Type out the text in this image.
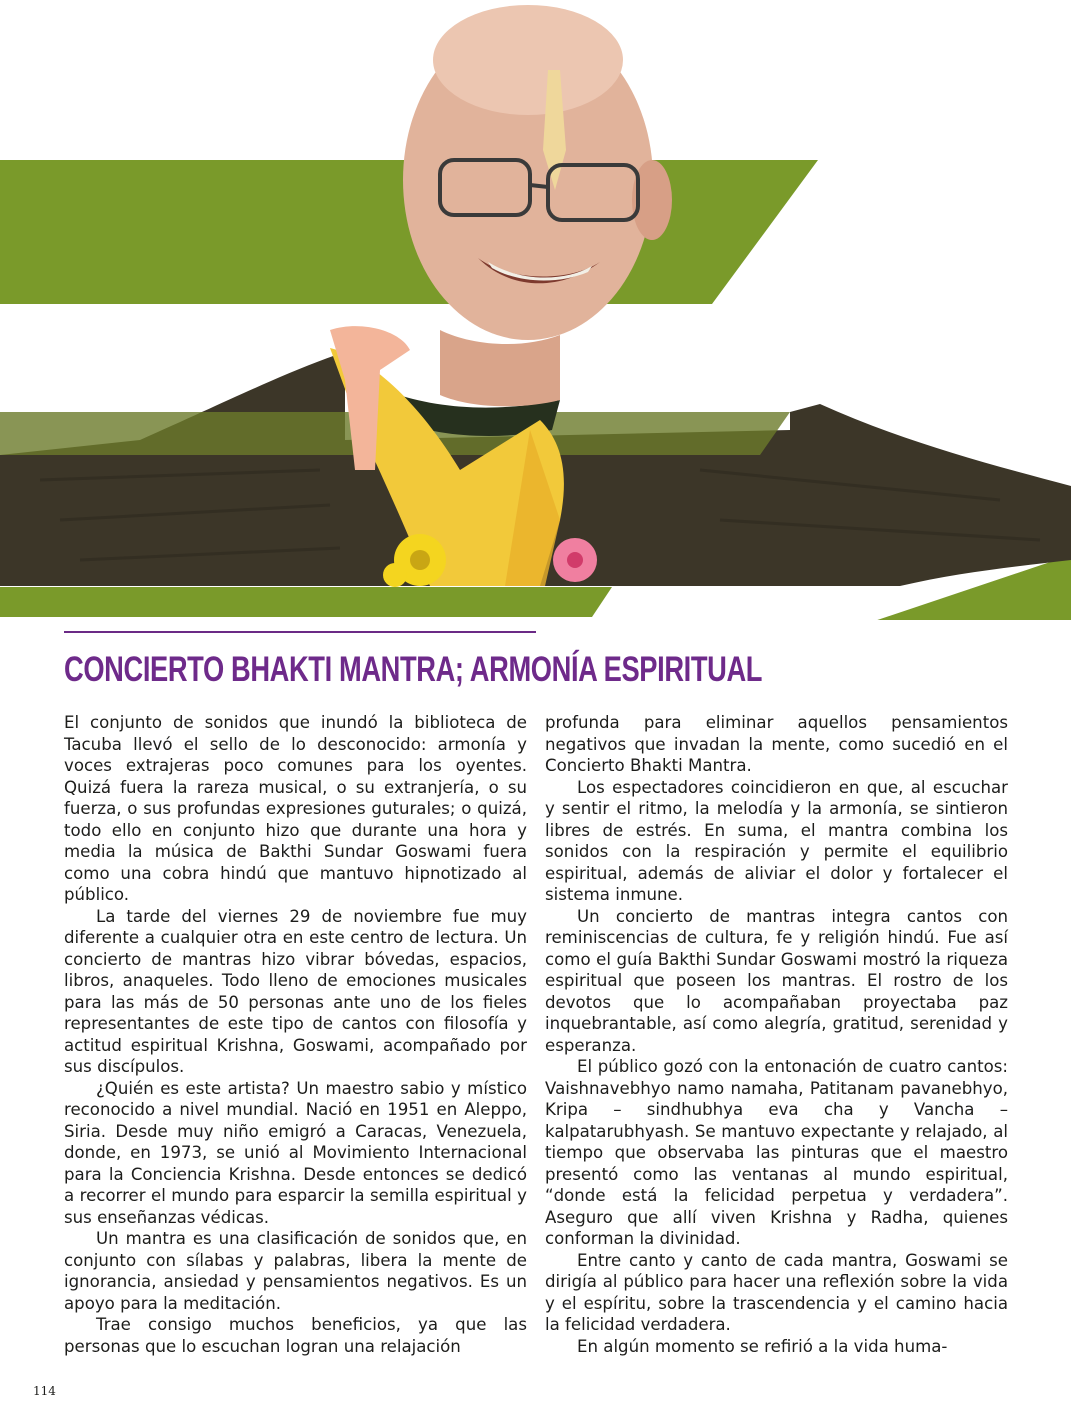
CONCIERTO BHAKTI MANTRA; ARMONÍA ESPIRITUAL

El conjunto de sonidos que inundó la biblioteca de Tacuba llevó el sello de lo desconocido: armonía y voces extrajeras poco comunes para los oyentes. Quizá fuera la rareza musical, o su extranjería, o su fuerza, o sus profundas expresiones guturales; o quizá, todo ello en conjunto hizo que durante una hora y media la música de Bakthi Sundar Goswami fuera como una cobra hindú que mantuvo hipnotizado al público.

La tarde del viernes 29 de noviembre fue muy diferente a cualquier otra en este centro de lectura. Un concierto de mantras hizo vibrar bóvedas, espacios, libros, anaqueles. Todo lleno de emociones musicales para las más de 50 personas ante uno de los fieles representantes de este tipo de cantos con filosofía y actitud espiritual Krishna, Goswami, acompañado por sus discípulos.

¿Quién es este artista? Un maestro sabio y místico reconocido a nivel mundial. Nació en 1951 en Aleppo, Siria. Desde muy niño emigró a Caracas, Venezuela, donde, en 1973, se unió al Movimiento Internacional para la Conciencia Krishna. Desde entonces se dedicó a recorrer el mundo para esparcir la semilla espiritual y sus enseñanzas védicas.

Un mantra es una clasificación de sonidos que, en conjunto con sílabas y palabras, libera la mente de ignorancia, ansiedad y pensamientos negativos. Es un apoyo para la meditación.

Trae consigo muchos beneficios, ya que las personas que lo escuchan logran una relajación

profunda para eliminar aquellos pensamientos negativos que invadan la mente, como sucedió en el Concierto Bhakti Mantra.

Los espectadores coincidieron en que, al escuchar y sentir el ritmo, la melodía y la armonía, se sintieron libres de estrés. En suma, el mantra combina los sonidos con la respiración y permite el equilibrio espiritual, además de aliviar el dolor y fortalecer el sistema inmune.

Un concierto de mantras integra cantos con reminiscencias de cultura, fe y religión hindú. Fue así como el guía Bakthi Sundar Goswami mostró la riqueza espiritual que poseen los mantras. El rostro de los devotos que lo acompañaban proyectaba paz inquebrantable, así como alegría, gratitud, serenidad y esperanza.

El público gozó con la entonación de cuatro cantos: Vaishnavebhyo namo namaha, Patitanam pavanebhyo, Kripa – sindhubhya eva cha y Vancha – kalpatarubhyash. Se mantuvo expectante y relajado, al tiempo que observaba las pinturas que el maestro presentó como las ventanas al mundo espiritual, “donde está la felicidad perpetua y verdadera”. Aseguro que allí viven Krishna y Radha, quienes conforman la divinidad.

Entre canto y canto de cada mantra, Goswami se dirigía al público para hacer una reflexión sobre la vida y el espíritu, sobre la trascendencia y el camino hacia la felicidad verdadera.

En algún momento se refirió a la vida huma-

114
